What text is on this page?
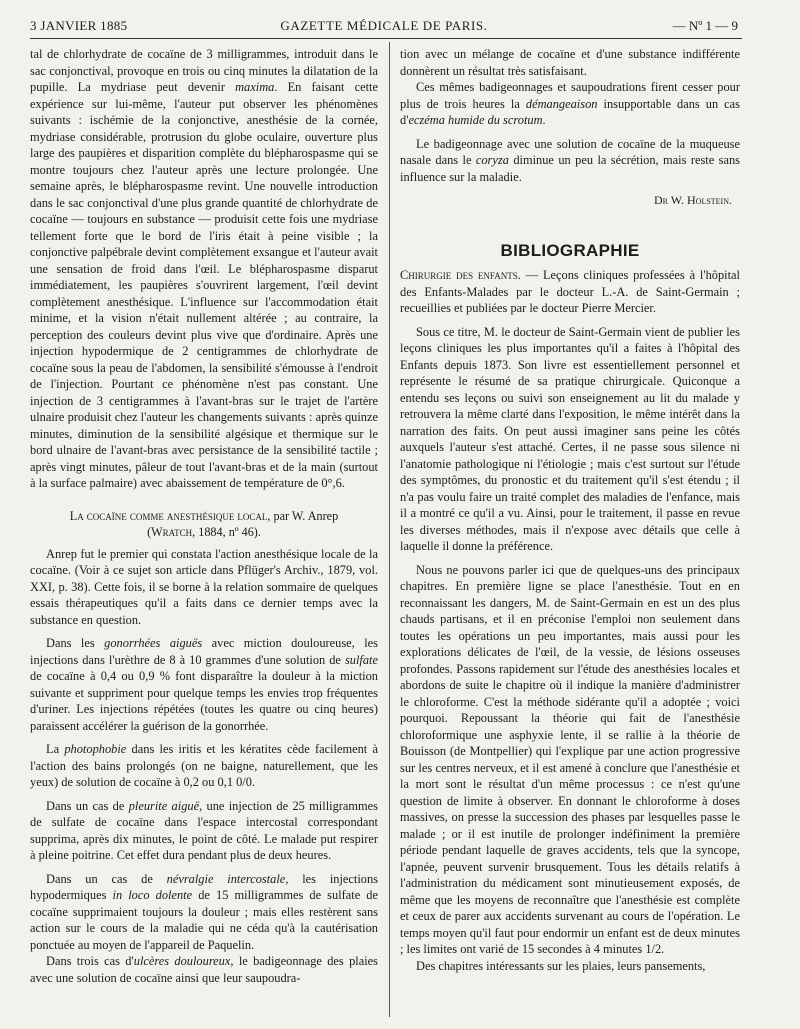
3 JANVIER 1885	GAZETTE MÉDICALE DE PARIS.	— Nº 1 — 9

tal de chlorhydrate de cocaïne de 3 milligrammes, introduit dans le sac conjonctival, provoque en trois ou cinq minutes la dilatation de la pupille. La mydriase peut devenir maxima. En faisant cette expérience sur lui-même, l'auteur put observer les phénomènes suivants : ischémie de la conjonctive, anesthésie de la cornée, mydriase considérable, protrusion du globe oculaire, ouverture plus large des paupières et disparition complète du blépharospasme qui se montre toujours chez l'auteur après une lecture prolongée. Une semaine après, le blépharospasme revint. Une nouvelle introduction dans le sac conjonctival d'une plus grande quantité de chlorhydrate de cocaïne — toujours en substance — produisit cette fois une mydriase tellement forte que le bord de l'iris était à peine visible ; la conjonctive palpébrale devint complètement exsangue et l'auteur avait une sensation de froid dans l'œil. Le blépharospasme disparut immédiatement, les paupières s'ouvrirent largement, l'œil devint complètement anesthésique. L'influence sur l'accommodation était minime, et la vision n'était nullement altérée ; au contraire, la perception des couleurs devint plus vive que d'ordinaire. Après une injection hypodermique de 2 centigrammes de chlorhydrate de cocaïne sous la peau de l'abdomen, la sensibilité s'émousse à l'endroit de l'injection. Pourtant ce phénomène n'est pas constant. Une injection de 3 centigrammes à l'avant-bras sur le trajet de l'artère ulnaire produisit chez l'auteur les changements suivants : après quinze minutes, diminution de la sensibilité algésique et thermique sur le bord ulnaire de l'avant-bras avec persistance de la sensibilité tactile ; après vingt minutes, pâleur de tout l'avant-bras et de la main (surtout à la surface palmaire) avec abaissement de température de 0°,6.

La cocaïne comme anesthésique local, par W. Anrep
(Wratch, 1884, nº 46).

Anrep fut le premier qui constata l'action anesthésique locale de la cocaïne. (Voir à ce sujet son article dans Pflüger's Archiv., 1879, vol. XXI, p. 38). Cette fois, il se borne à la relation sommaire de quelques essais thérapeutiques qu'il a faits dans ce dernier temps avec la substance en question.

Dans les gonorrhées aiguës avec miction douloureuse, les injections dans l'urèthre de 8 à 10 grammes d'une solution de sulfate de cocaïne à 0,4 ou 0,9 % font disparaître la douleur à la miction suivante et suppriment pour quelque temps les envies trop fréquentes d'uriner. Les injections répétées (toutes les quatre ou cinq heures) paraissent accélérer la guérison de la gonorrhée.

La photophobie dans les iritis et les kératites cède facilement à l'action des bains prolongés (on ne baigne, naturellement, que les yeux) de solution de cocaïne à 0,2 ou 0,1 0/0.

Dans un cas de pleurite aiguë, une injection de 25 milligrammes de sulfate de cocaïne dans l'espace intercostal correspondant supprima, après dix minutes, le point de côté. Le malade put respirer à pleine poitrine. Cet effet dura pendant plus de deux heures.

Dans un cas de névralgie intercostale, les injections hypodermiques in loco dolente de 15 milligrammes de sulfate de cocaïne supprimaient toujours la douleur ; mais elles restèrent sans action sur le cours de la maladie qui ne céda qu'à la cautérisation ponctuée au moyen de l'appareil de Paquelin.

Dans trois cas d'ulcères douloureux, le badigeonnage des plaies avec une solution de cocaïne ainsi que leur saupoudra-

tion avec un mélange de cocaïne et d'une substance indifférente donnèrent un résultat très satisfaisant.

Ces mêmes badigeonnages et saupoudrations firent cesser pour plus de trois heures la démangeaison insupportable dans un cas d'eczéma humide du scrotum.

Le badigeonnage avec une solution de cocaïne de la muqueuse nasale dans le coryza diminue un peu la sécrétion, mais reste sans influence sur la maladie.

Dr W. Holstein.
BIBLIOGRAPHIE

Chirurgie des enfants. — Leçons cliniques professées à l'hôpital des Enfants-Malades par le docteur L.-A. de Saint-Germain ; recueillies et publiées par le docteur Pierre Mercier.

Sous ce titre, M. le docteur de Saint-Germain vient de publier les leçons cliniques les plus importantes qu'il a faites à l'hôpital des Enfants depuis 1873. Son livre est essentiellement personnel et représente le résumé de sa pratique chirurgicale. Quiconque a entendu ses leçons ou suivi son enseignement au lit du malade y retrouvera la même clarté dans l'exposition, le même intérêt dans la narration des faits. On peut aussi imaginer sans peine les côtés auxquels l'auteur s'est attaché. Certes, il ne passe sous silence ni l'anatomie pathologique ni l'étiologie ; mais c'est surtout sur l'étude des symptômes, du pronostic et du traitement qu'il s'est étendu ; il n'a pas voulu faire un traité complet des maladies de l'enfance, mais il a montré ce qu'il a vu. Ainsi, pour le traitement, il passe en revue les diverses méthodes, mais il n'expose avec détails que celle à laquelle il donne la préférence.

Nous ne pouvons parler ici que de quelques-uns des principaux chapitres. En première ligne se place l'anesthésie. Tout en en reconnaissant les dangers, M. de Saint-Germain en est un des plus chauds partisans, et il en préconise l'emploi non seulement dans toutes les opérations un peu importantes, mais aussi pour les explorations délicates de l'œil, de la vessie, de lésions osseuses profondes. Passons rapidement sur l'étude des anesthésies locales et abordons de suite le chapitre où il indique la manière d'administrer le chloroforme. C'est la méthode sidérante qu'il a adoptée ; voici pourquoi. Repoussant la théorie qui fait de l'anesthésie chloroformique une asphyxie lente, il se rallie à la théorie de Bouisson (de Montpellier) qui l'explique par une action progressive sur les centres nerveux, et il est amené à conclure que l'anesthésie et la mort sont le résultat d'un même processus : ce n'est qu'une question de limite à observer. En donnant le chloroforme à doses massives, on presse la succession des phases par lesquelles passe le malade ; or il est inutile de prolonger indéfiniment la première période pendant laquelle de graves accidents, tels que la syncope, l'apnée, peuvent survenir brusquement. Tous les détails relatifs à l'administration du médicament sont minutieusement exposés, de même que les moyens de reconnaître que l'anesthésie est complète et ceux de parer aux accidents survenant au cours de l'opération. Le temps moyen qu'il faut pour endormir un enfant est de deux minutes ; les limites ont varié de 15 secondes à 4 minutes 1/2.

Des chapitres intéressants sur les plaies, leurs pansements,
